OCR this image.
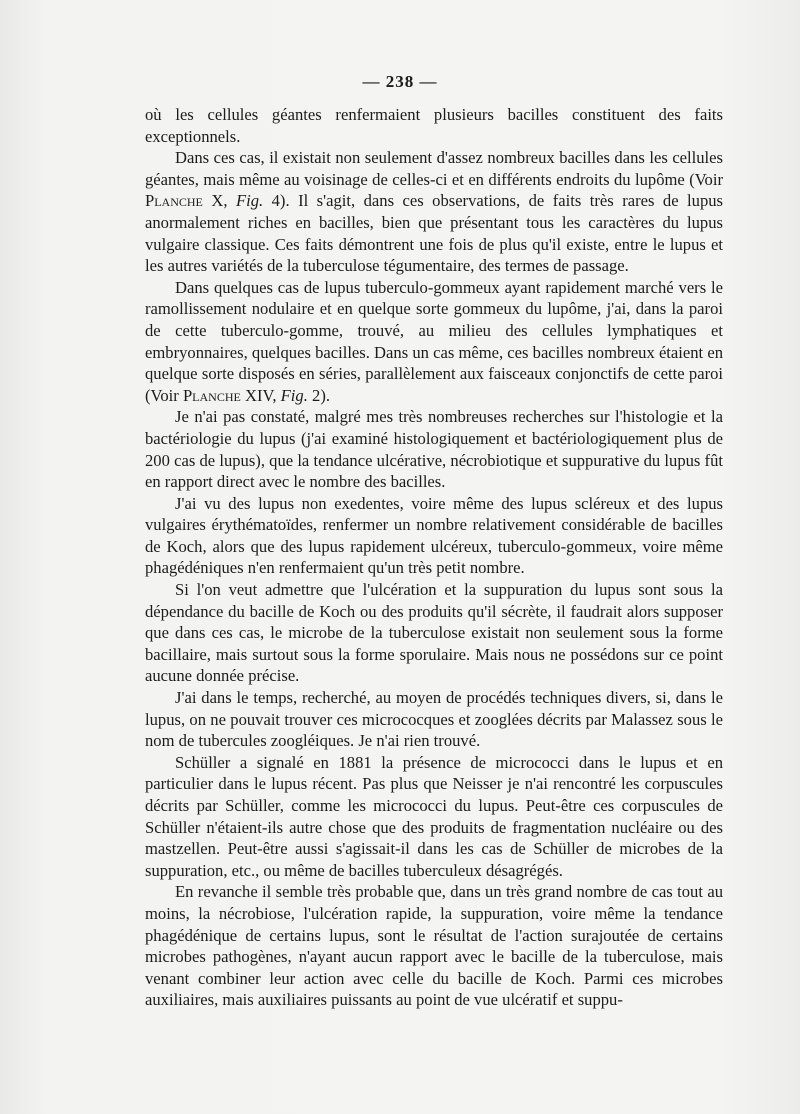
— 238 —

où les cellules géantes renfermaient plusieurs bacilles constituent des faits exceptionnels.

Dans ces cas, il existait non seulement d'assez nombreux bacilles dans les cellules géantes, mais même au voisinage de celles-ci et en différents endroits du lupôme (Voir Planche X, Fig. 4). Il s'agit, dans ces observations, de faits très rares de lupus anormalement riches en bacilles, bien que présentant tous les caractères du lupus vulgaire classique. Ces faits démontrent une fois de plus qu'il existe, entre le lupus et les autres variétés de la tuberculose tégumentaire, des termes de passage.

Dans quelques cas de lupus tuberculo-gommeux ayant rapidement marché vers le ramollissement nodulaire et en quelque sorte gommeux du lupôme, j'ai, dans la paroi de cette tuberculo-gomme, trouvé, au milieu des cellules lymphatiques et embryonnaires, quelques bacilles. Dans un cas même, ces bacilles nombreux étaient en quelque sorte disposés en séries, parallèlement aux faisceaux conjonctifs de cette paroi (Voir Planche XIV, Fig. 2).

Je n'ai pas constaté, malgré mes très nombreuses recherches sur l'histologie et la bactériologie du lupus (j'ai examiné histologiquement et bactériologiquement plus de 200 cas de lupus), que la tendance ulcérative, nécrobiotique et suppurative du lupus fût en rapport direct avec le nombre des bacilles.

J'ai vu des lupus non exedentes, voire même des lupus scléreux et des lupus vulgaires érythématoïdes, renfermer un nombre relativement considérable de bacilles de Koch, alors que des lupus rapidement ulcéreux, tuberculo-gommeux, voire même phagédéniques n'en renfermaient qu'un très petit nombre.

Si l'on veut admettre que l'ulcération et la suppuration du lupus sont sous la dépendance du bacille de Koch ou des produits qu'il sécrète, il faudrait alors supposer que dans ces cas, le microbe de la tuberculose existait non seulement sous la forme bacillaire, mais surtout sous la forme sporulaire. Mais nous ne possédons sur ce point aucune donnée précise.

J'ai dans le temps, recherché, au moyen de procédés techniques divers, si, dans le lupus, on ne pouvait trouver ces micrococques et zooglées décrits par Malassez sous le nom de tubercules zoogléiques. Je n'ai rien trouvé.

Schüller a signalé en 1881 la présence de micrococci dans le lupus et en particulier dans le lupus récent. Pas plus que Neisser je n'ai rencontré les corpuscules décrits par Schüller, comme les micrococci du lupus. Peut-être ces corpuscules de Schüller n'étaient-ils autre chose que des produits de fragmentation nucléaire ou des mastzellen. Peut-être aussi s'agissait-il dans les cas de Schüller de microbes de la suppuration, etc., ou même de bacilles tuberculeux désagrégés.

En revanche il semble très probable que, dans un très grand nombre de cas tout au moins, la nécrobiose, l'ulcération rapide, la suppuration, voire même la tendance phagédénique de certains lupus, sont le résultat de l'action surajoutée de certains microbes pathogènes, n'ayant aucun rapport avec le bacille de la tuberculose, mais venant combiner leur action avec celle du bacille de Koch. Parmi ces microbes auxiliaires, mais auxiliaires puissants au point de vue ulcératif et suppu-
